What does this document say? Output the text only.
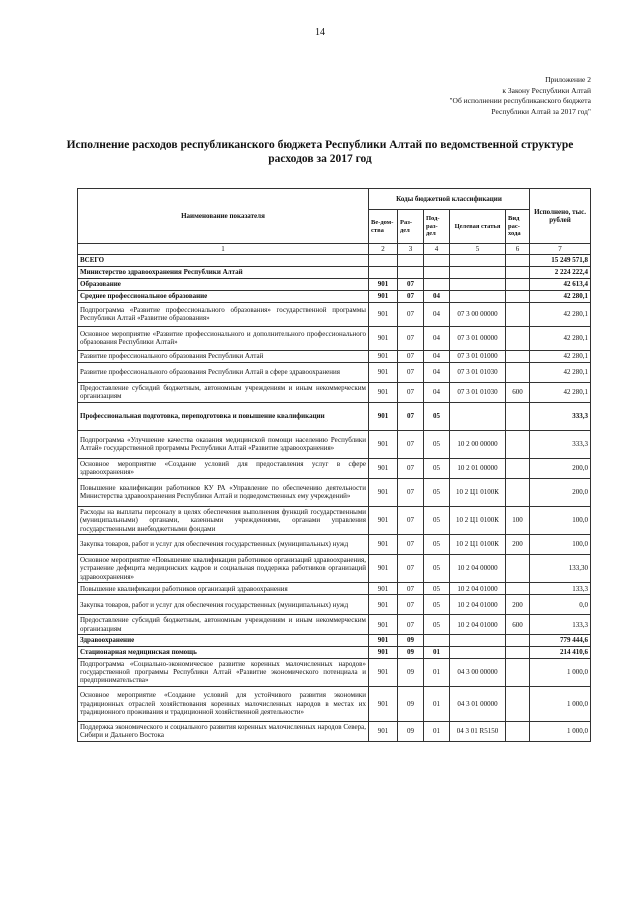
14
Приложение 2
к Закону Республики Алтай
"Об исполнении республиканского бюджета
Республики Алтай за 2017 год"
Исполнение расходов республиканского бюджета Республики Алтай по ведомственной структуре расходов за 2017 год
Наименование показателя	Коды бюджетной классификации					Исполнено, тыс. рублей
	Ве-дом-ства	Раз-дел	Под-раз-дел	Целевая статья	Вид рас-хода	
1	2	3	4	5	6	7
ВСЕГО						15 249 571,8
Министерство здравоохранения Республики Алтай						2 224 222,4
Образование	901	07				42 613,4
Среднее профессиональное образование	901	07	04			42 280,1
Подпрограмма «Развитие профессионального образования» государственной программы Республики Алтай «Развитие образования»	901	07	04	07 3 00 00000		42 280,1
Основное мероприятие «Развитие профессионального и дополнительного профессионального образования Республики Алтай»	901	07	04	07 3 01 00000		42 280,1
Развитие профессионального образования Республики Алтай	901	07	04	07 3 01 01000		42 280,1
Развитие профессионального образования Республики Алтай в сфере здравоохранения	901	07	04	07 3 01 01030		42 280,1
Предоставление субсидий бюджетным, автономным учреждениям и иным некоммерческим организациям	901	07	04	07 3 01 01030	600	42 280,1
Профессиональная подготовка, переподготовка и повышение квалификации	901	07	05			333,3
Подпрограмма «Улучшение качества оказания медицинской помощи населению Республики Алтай» государственной программы Республики Алтай «Развитие здравоохранения»	901	07	05	10 2 00 00000		333,3
Основное мероприятие «Создание условий для предоставления услуг в сфере здравоохранения»	901	07	05	10 2 01 00000		200,0
Повышение квалификации работников КУ РА «Управление по обеспечению деятельности Министерства здравоохранения Республики Алтай и подведомственных ему учреждений»	901	07	05	10 2 Ц1 0100К		200,0
Расходы на выплаты персоналу в целях обеспечения выполнения функций государственными (муниципальными) органами, казенными учреждениями, органами управления государственными внебюджетными фондами	901	07	05	10 2 Ц1 0100К	100	100,0
Закупка товаров, работ и услуг для обеспечения государственных (муниципальных) нужд	901	07	05	10 2 Ц1 0100К	200	100,0
Основное мероприятие «Повышение квалификации работников организаций здравоохранения, устранение дефицита медицинских кадров и социальная поддержка работников организаций здравоохранения»	901	07	05	10 2 04 00000		133,30
Повышение квалификации работников организаций здравоохранения	901	07	05	10 2 04 01000		133,3
Закупка товаров, работ и услуг для обеспечения государственных (муниципальных) нужд	901	07	05	10 2 04 01000	200	0,0
Предоставление субсидий бюджетным, автономным учреждениям и иным некоммерческим организациям	901	07	05	10 2 04 01000	600	133,3
Здравоохранение	901	09				779 444,6
Стационарная медицинская помощь	901	09	01			214 410,6
Подпрограмма «Социально-экономическое развитие коренных малочисленных народов» государственной программы Республики Алтай «Развитие экономического потенциала и предпринимательства»	901	09	01	04 3 00 00000		1 000,0
Основное мероприятие «Создание условий для устойчивого развития экономики традиционных отраслей хозяйствования коренных малочисленных народов в местах их традиционного проживания и традиционной хозяйственной деятельности»	901	09	01	04 3 01 00000		1 000,0
Поддержка экономического и социального развития коренных малочисленных народов Севера, Сибири и Дальнего Востока	901	09	01	04 3 01 R5150		1 000,0
